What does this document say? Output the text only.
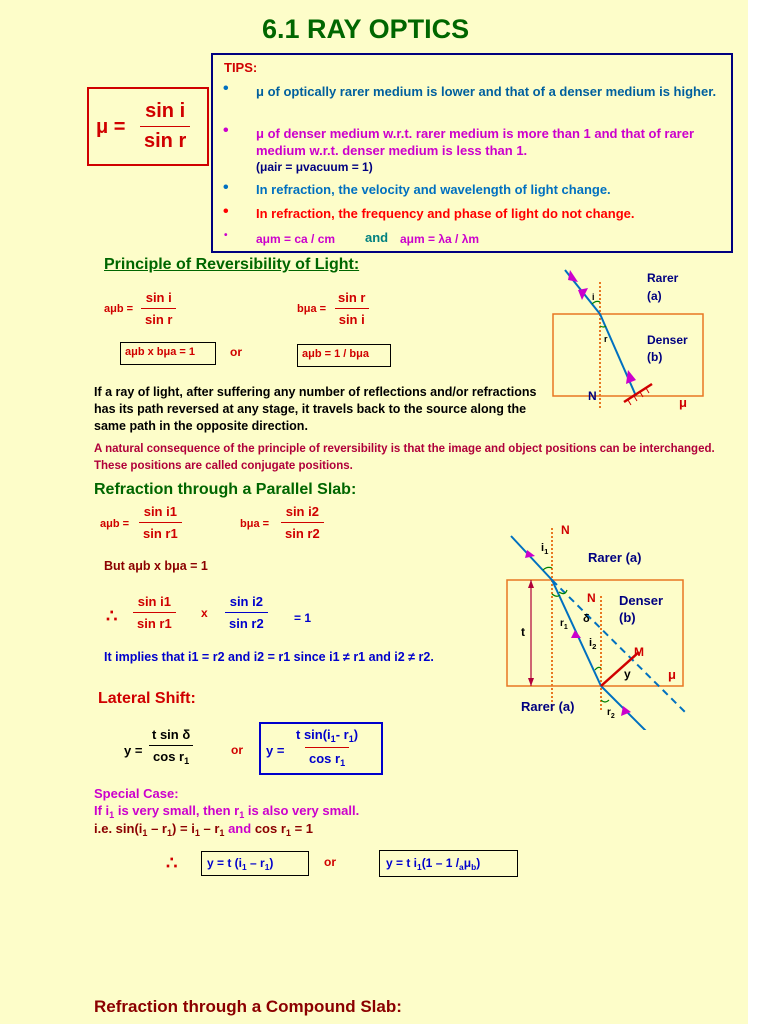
6.1 RAY OPTICS
$\mu = \frac{\text{sin i}}{\text{sin r}}$
TIPS:
• μ of optically rarer medium is lower and that of a denser medium is higher.
• μ of denser medium w.r.t. rarer medium is more than 1 and that of rarer medium w.r.t. denser medium is less than 1.
(μair = μvacuum = 1)
• In refraction, the velocity and wavelength of light change.
• In refraction, the frequency and phase of light do not change.
• aμm = ca / cm and aμm = λa / λm
Principle of Reversibility of Light:
$a\mu b = \frac{\text{sin i}}{\text{sin r}}$	$b\mu a = \frac{\text{sin r}}{\text{sin i}}$
aμb x bμa = 1	or	aμb = 1 / bμa
If a ray of light, after suffering any number of reflections and/or refractions has its path reversed at any stage, it travels back to the source along the same path in the opposite direction.
A natural consequence of the principle of reversibility is that the image and object positions can be interchanged. These positions are called conjugate positions.
i
r
Rarer
(a)
Denser
(b)
N	μ
Refraction through a Parallel Slab:
$a\mu b = \frac{\text{sin i1}}{\text{sin r1}}$	$b\mu a = \frac{\text{sin i2}}{\text{sin r2}}$
But aμb x bμa = 1
∴ $\frac{\text{sin i1}}{\text{sin r1}}$ x $\frac{\text{sin i2}}{\text{sin r2}} = 1$
It implies that i1 = r2 and i2 = r1 since i1 ≠ r1 and i2 ≠ r2.
N
$i_1$	Rarer (a)
N Denser
(b)
$r_1$
δ
$i_2$
t
M
y	μ
Rarer (a)	$r_2$
Lateral Shift:
$y = \frac{\text{t sin δ}}{\cos r_1}$	or $y = \frac{t \sin(i_1- r_1)}{\cos r_1}$
Special Case:
If $i_1$ is very small, then $r_1$ is also very small.
i.e. $\sin(i_1 - r_1) = i_1 - r_1$ and $\cos r_1 = 1$
∴ y = t $(i_1 - r_1)$	or	y = t $i_1(1 - 1$ $/_a\mu_b$)
Refraction through a Compound Slab:
